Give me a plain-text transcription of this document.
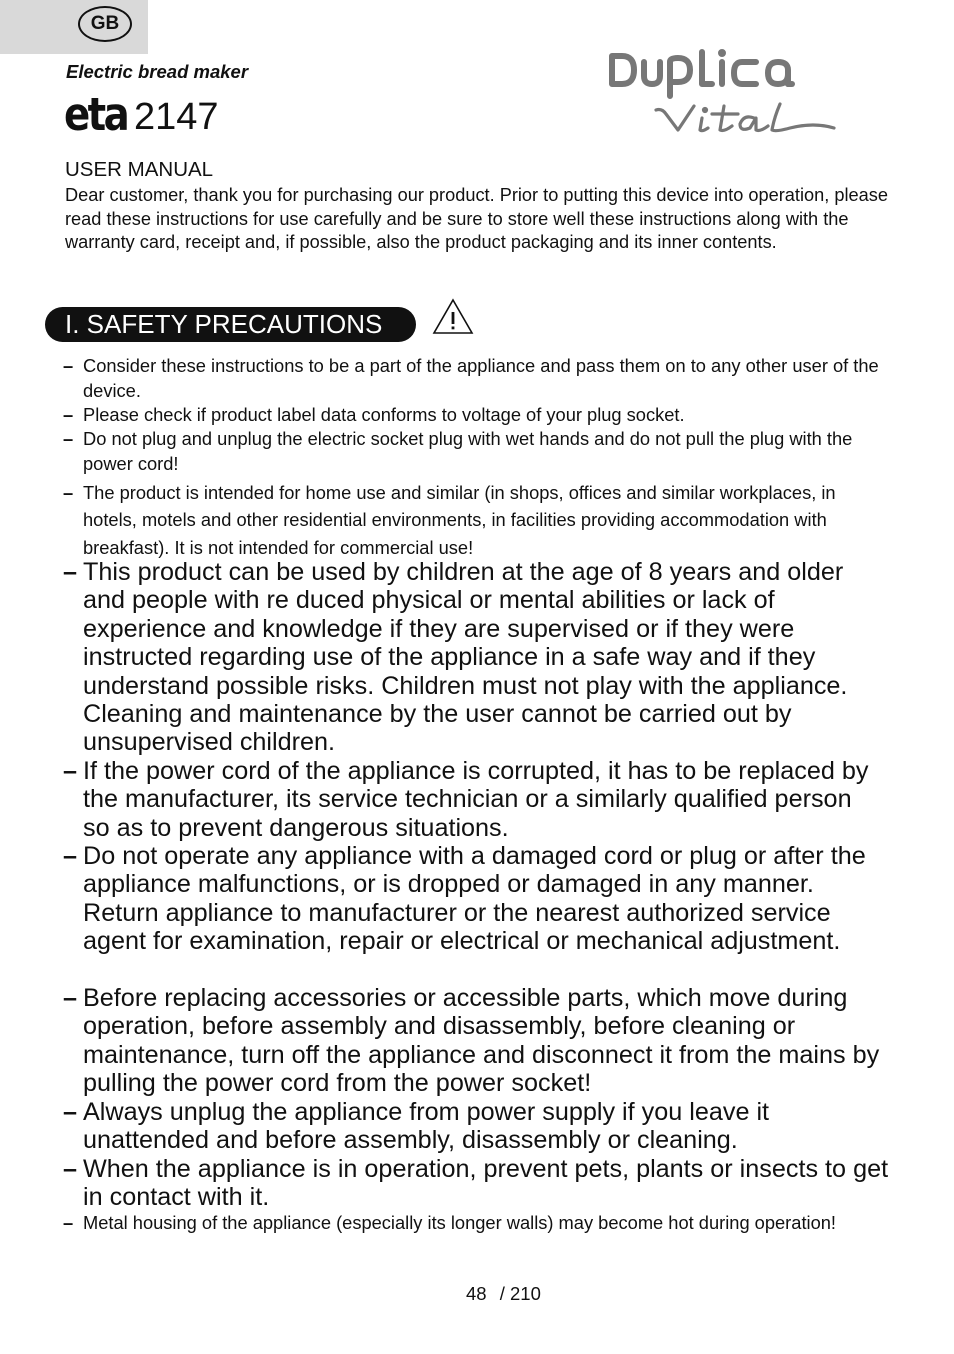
GB
Electric bread maker
eta 2147
USER MANUAL
Dear customer, thank you for purchasing our product. Prior to putting this device into operation, please read these instructions for use carefully and be sure to store well these instructions along with the warranty card, receipt and, if possible, also the product packaging and its inner contents.
I. SAFETY PRECAUTIONS
– Consider these instructions to be a part of the appliance and pass them on to any other user of the device.
– Please check if product label data conforms to voltage of your plug socket.
– Do not plug and unplug the electric socket plug with wet hands and do not pull the plug with the power cord!
– The product is intended for home use and similar (in shops, offices and similar workplaces, in hotels, motels and other residential environments, in facilities providing accommodation with breakfast). It is not intended for commercial use!
– This product can be used by children at the age of 8 years and older and people with re duced physical or mental abilities or lack of experience and knowledge if they are supervised or if they were instructed regarding use of the appliance in a safe way and if they understand possible risks. Children must not play with the appliance. Cleaning and maintenance by the user cannot be carried out by unsupervised children.
– If the power cord of the appliance is corrupted, it has to be replaced by the manufacturer, its service technician or a similarly qualified person so as to prevent dangerous situations.
– Do not operate any appliance with a damaged cord or plug or after the appliance malfunctions, or is dropped or damaged in any manner. Return appliance to manufacturer or the nearest authorized service agent for examination, repair or electrical or mechanical adjustment.
– Before replacing accessories or accessible parts, which move during operation, before assembly and disassembly, before cleaning or maintenance, turn off the appliance and disconnect it from the mains by pulling the power cord from the power socket!
– Always unplug the appliance from power supply if you leave it unattended and before assembly, disassembly or cleaning.
– When the appliance is in operation, prevent pets, plants or insects to get in contact with it.
– Metal housing of the appliance (especially its longer walls) may become hot during operation!
48 / 210
